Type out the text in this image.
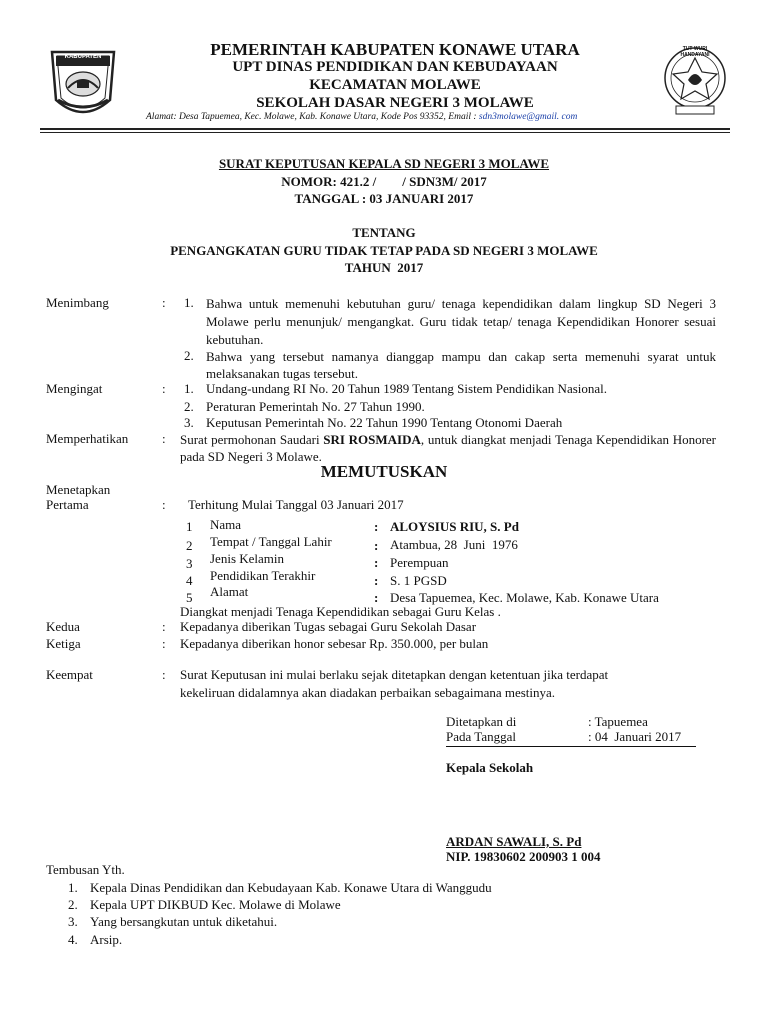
KABUPATEN
TUT WURI HANDAYANI
PEMERINTAH KABUPATEN KONAWE UTARA
UPT DINAS PENDIDIKAN DAN KEBUDAYAAN
KECAMATAN MOLAWE
SEKOLAH DASAR NEGERI 3 MOLAWE
Alamat: Desa Tapuemea, Kec. Molawe, Kab. Konawe Utara, Kode Pos 93352, Email : sdn3molawe@gmail. com
SURAT KEPUTUSAN KEPALA SD NEGERI 3 MOLAWE
NOMOR: 421.2 /        / SDN3M/ 2017
TANGGAL : 03 JANUARI 2017
TENTANG
PENGANGKATAN GURU TIDAK TETAP PADA SD NEGERI 3 MOLAWE
TAHUN  2017
Menimbang	: 1. Bahwa untuk memenuhi kebutuhan guru/ tenaga kependidikan dalam lingkup SD Negeri 3 Molawe perlu menunjuk/ mengangkat. Guru tidak tetap/ tenaga Kependidikan Honorer sesuai kebutuhan.
2. Bahwa yang tersebut namanya dianggap mampu dan cakap serta memenuhi syarat untuk melaksanakan tugas tersebut.
Mengingat	: 1. Undang-undang RI No. 20 Tahun 1989 Tentang Sistem Pendidikan Nasional.
2. Peraturan Pemerintah No. 27 Tahun 1990.
3. Keputusan Pemerintah No. 22 Tahun 1990 Tentang Otonomi Daerah
Memperhatikan	: Surat permohonan Saudari SRI ROSMAIDA, untuk diangkat menjadi Tenaga Kependidikan Honorer pada SD Negeri 3 Molawe.
MEMUTUSKAN
Menetapkan
Pertama	: Terhitung Mulai Tanggal 03 Januari 2017
1 Nama	: ALOYSIUS RIU, S. Pd
2 Tempat / Tanggal Lahir	: Atambua, 28  Juni  1976
3 Jenis Kelamin	: Perempuan
4 Pendidikan Terakhir	: S. 1 PGSD
5 Alamat	: Desa Tapuemea, Kec. Molawe, Kab. Konawe Utara
Diangkat menjadi Tenaga Kependidikan sebagai Guru Kelas .
Kedua	: Kepadanya diberikan Tugas sebagai Guru Sekolah Dasar
Ketiga	: Kepadanya diberikan honor sebesar Rp. 350.000, per bulan
Keempat	: Surat Keputusan ini mulai berlaku sejak ditetapkan dengan ketentuan jika terdapat
kekeliruan didalamnya akan diadakan perbaikan sebagaimana mestinya.
Ditetapkan di	: Tapuemea
Pada Tanggal	: 04  Januari 2017
Kepala Sekolah
ARDAN SAWALI, S. Pd
NIP. 19830602 200903 1 004
Tembusan Yth.
1. Kepala Dinas Pendidikan dan Kebudayaan Kab. Konawe Utara di Wanggudu
2. Kepala UPT DIKBUD Kec. Molawe di Molawe
3. Yang bersangkutan untuk diketahui.
4. Arsip.
